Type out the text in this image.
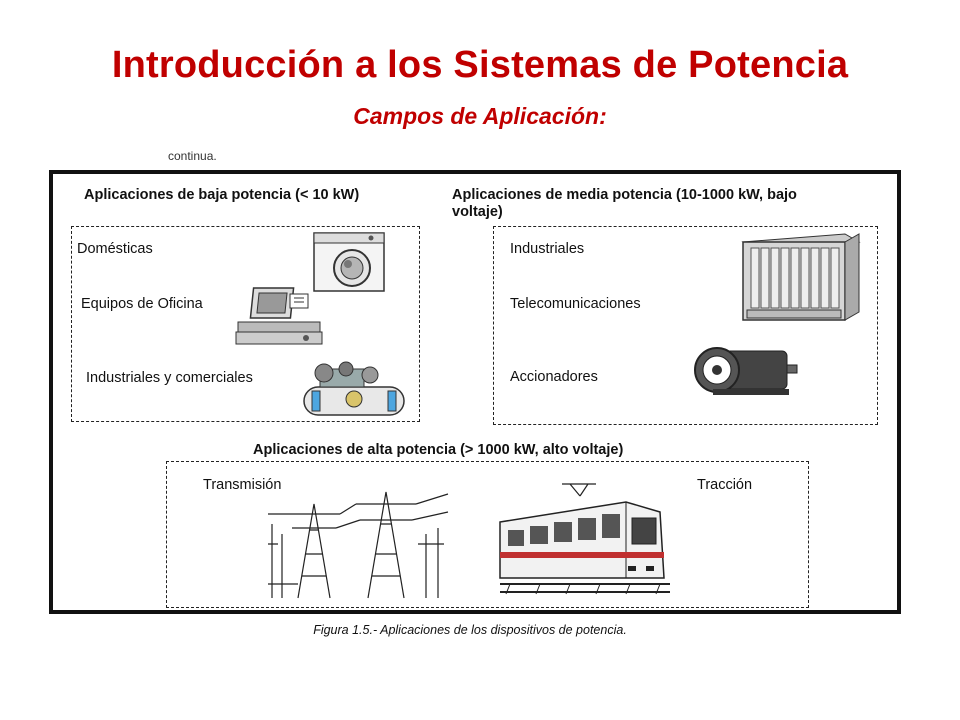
Introducción a los Sistemas de Potencia
Campos de Aplicación:
continua.
Aplicaciones de baja potencia (< 10 kW)
Domésticas
Equipos de Oficina
Industriales y comerciales
Aplicaciones de media potencia (10-1000 kW, bajo
voltaje)
Industriales
Telecomunicaciones
Accionadores
Aplicaciones de alta potencia (> 1000 kW, alto voltaje)
Transmisión	Tracción
Figura 1.5.- Aplicaciones de los dispositivos de potencia.
